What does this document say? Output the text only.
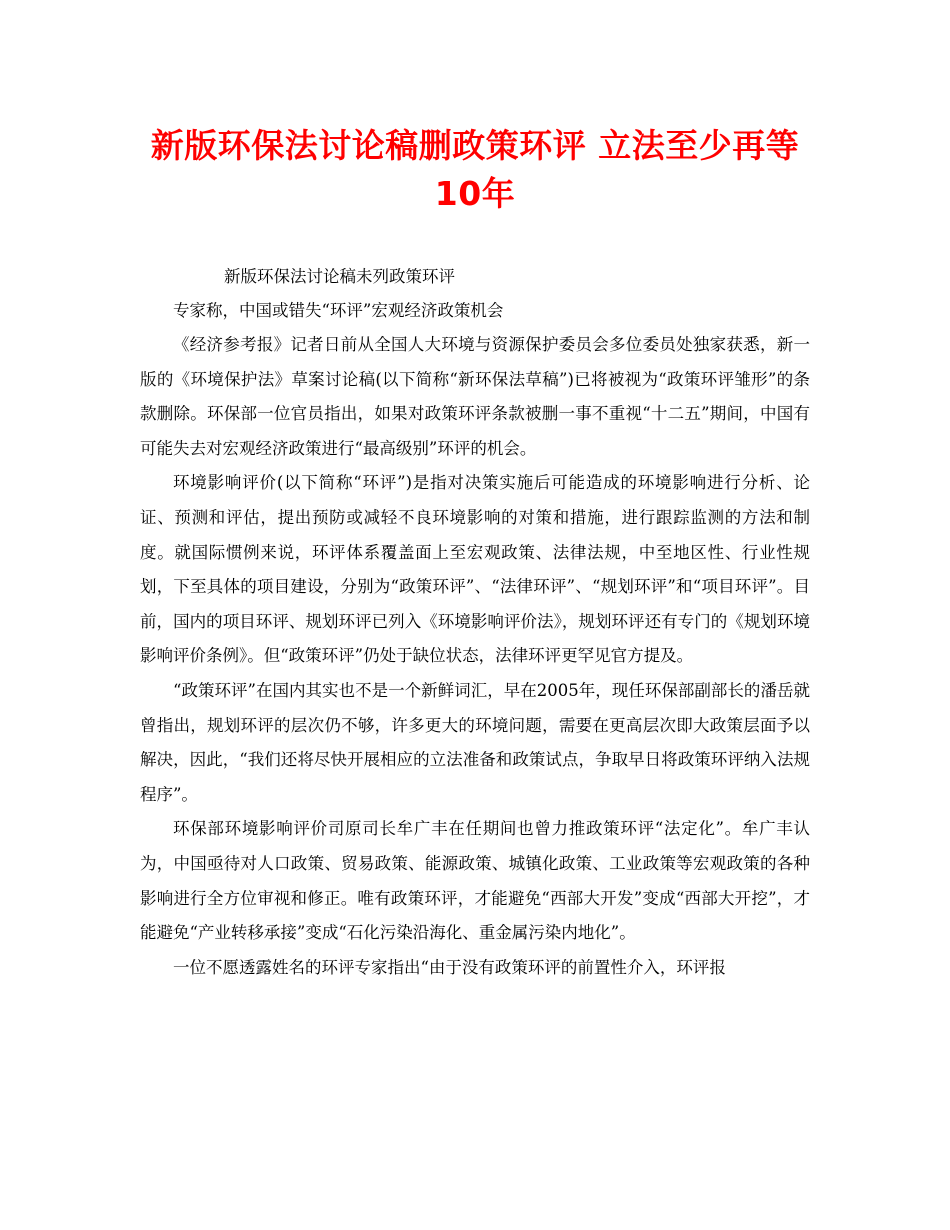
新版环保法讨论稿删政策环评 立法至少再等
10年
新版环保法讨论稿未列政策环评
专家称，中国或错失“环评”宏观经济政策机会

《经济参考报》记者日前从全国人大环境与资源保护委员会多位委员处独家获悉，新一版的《环境保护法》草案讨论稿(以下简称“新环保法草稿”)已将被视为“政策环评雏形”的条款删除。环保部一位官员指出，如果对政策环评条款被删一事不重视“十二五”期间，中国有可能失去对宏观经济政策进行“最高级别”环评的机会。

环境影响评价(以下简称“环评”)是指对决策实施后可能造成的环境影响进行分析、论证、预测和评估，提出预防或减轻不良环境影响的对策和措施，进行跟踪监测的方法和制度。就国际惯例来说，环评体系覆盖面上至宏观政策、法律法规，中至地区性、行业性规划，下至具体的项目建设，分别为“政策环评”、“法律环评”、“规划环评”和“项目环评”。目前，国内的项目环评、规划环评已列入《环境影响评价法》，规划环评还有专门的《规划环境影响评价条例》。但“政策环评”仍处于缺位状态，法律环评更罕见官方提及。

“政策环评”在国内其实也不是一个新鲜词汇，早在2005年，现任环保部副部长的潘岳就曾指出，规划环评的层次仍不够，许多更大的环境问题，需要在更高层次即大政策层面予以解决，因此，“我们还将尽快开展相应的立法准备和政策试点，争取早日将政策环评纳入法规程序”。

环保部环境影响评价司原司长牟广丰在任期间也曾力推政策环评“法定化”。牟广丰认为，中国亟待对人口政策、贸易政策、能源政策、城镇化政策、工业政策等宏观政策的各种影响进行全方位审视和修正。唯有政策环评，才能避免“西部大开发”变成“西部大开挖”，才能避免“产业转移承接”变成“石化污染沿海化、重金属污染内地化”。

一位不愿透露姓名的环评专家指出“由于没有政策环评的前置性介入，环评报
